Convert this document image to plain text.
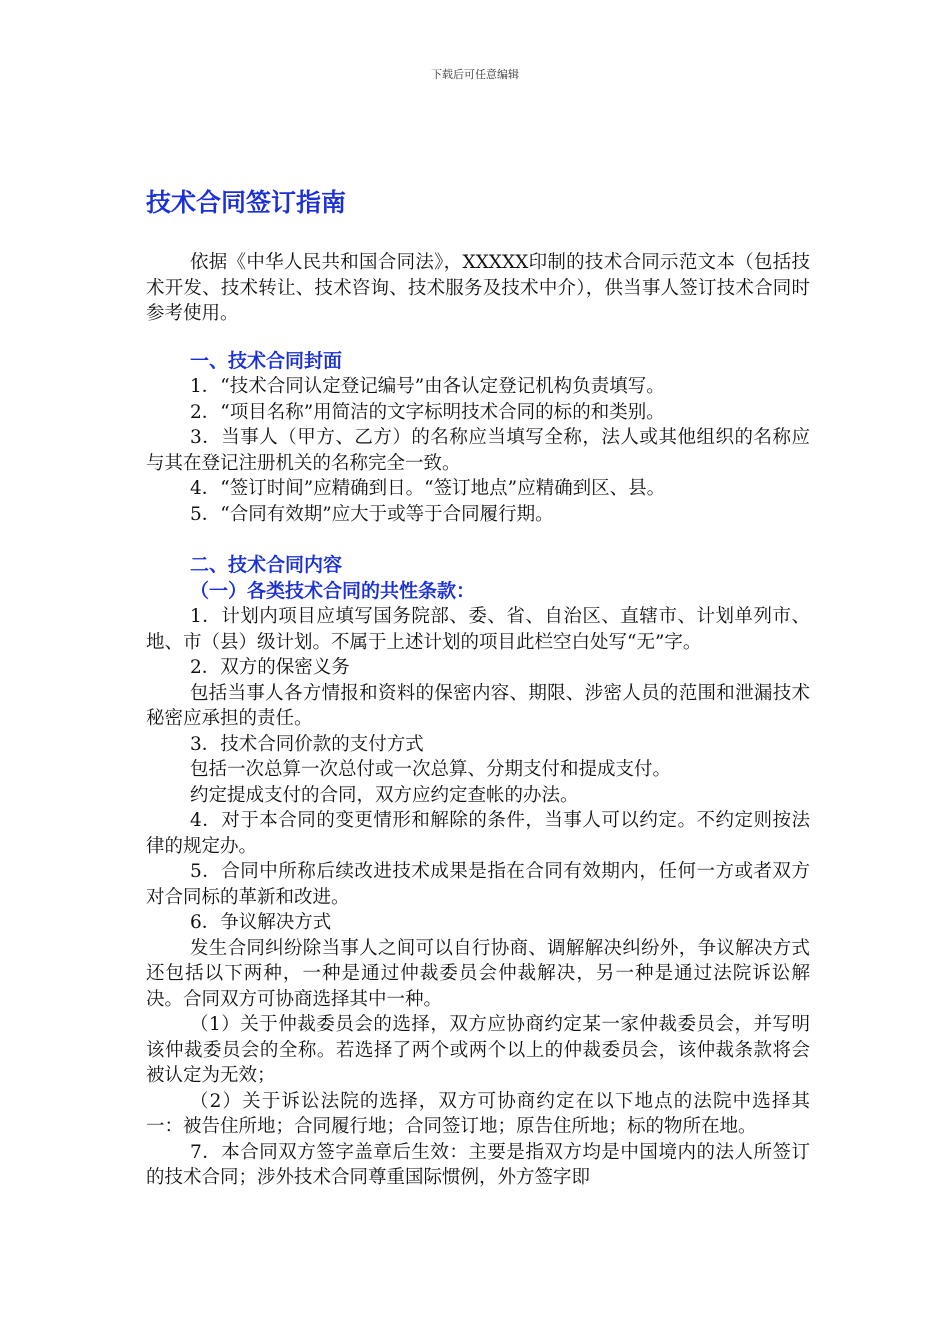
下载后可任意编辑
技术合同签订指南

依据《中华人民共和国合同法》，XXXXX印制的技术合同示范文本（包括技术开发、技术转让、技术咨询、技术服务及技术中介），供当事人签订技术合同时参考使用。

一、技术合同封面

1．“技术合同认定登记编号”由各认定登记机构负责填写。

2．“项目名称”用简洁的文字标明技术合同的标的和类别。

3．当事人（甲方、乙方）的名称应当填写全称，法人或其他组织的名称应与其在登记注册机关的名称完全一致。

4．“签订时间”应精确到日。“签订地点”应精确到区、县。

5．“合同有效期”应大于或等于合同履行期。

二、技术合同内容

（一）各类技术合同的共性条款：

1．计划内项目应填写国务院部、委、省、自治区、直辖市、计划单列市、地、市（县）级计划。不属于上述计划的项目此栏空白处写“无”字。

2．双方的保密义务

包括当事人各方情报和资料的保密内容、期限、涉密人员的范围和泄漏技术秘密应承担的责任。

3．技术合同价款的支付方式

包括一次总算一次总付或一次总算、分期支付和提成支付。

约定提成支付的合同，双方应约定查帐的办法。

4．对于本合同的变更情形和解除的条件，当事人可以约定。不约定则按法律的规定办。

5．合同中所称后续改进技术成果是指在合同有效期内，任何一方或者双方对合同标的革新和改进。

6．争议解决方式

发生合同纠纷除当事人之间可以自行协商、调解解决纠纷外，争议解决方式还包括以下两种，一种是通过仲裁委员会仲裁解决，另一种是通过法院诉讼解决。合同双方可协商选择其中一种。

（1）关于仲裁委员会的选择，双方应协商约定某一家仲裁委员会，并写明该仲裁委员会的全称。若选择了两个或两个以上的仲裁委员会，该仲裁条款将会被认定为无效；

（2）关于诉讼法院的选择，双方可协商约定在以下地点的法院中选择其一：被告住所地；合同履行地；合同签订地；原告住所地；标的物所在地。

7．本合同双方签字盖章后生效：主要是指双方均是中国境内的法人所签订的技术合同；涉外技术合同尊重国际惯例，外方签字即
